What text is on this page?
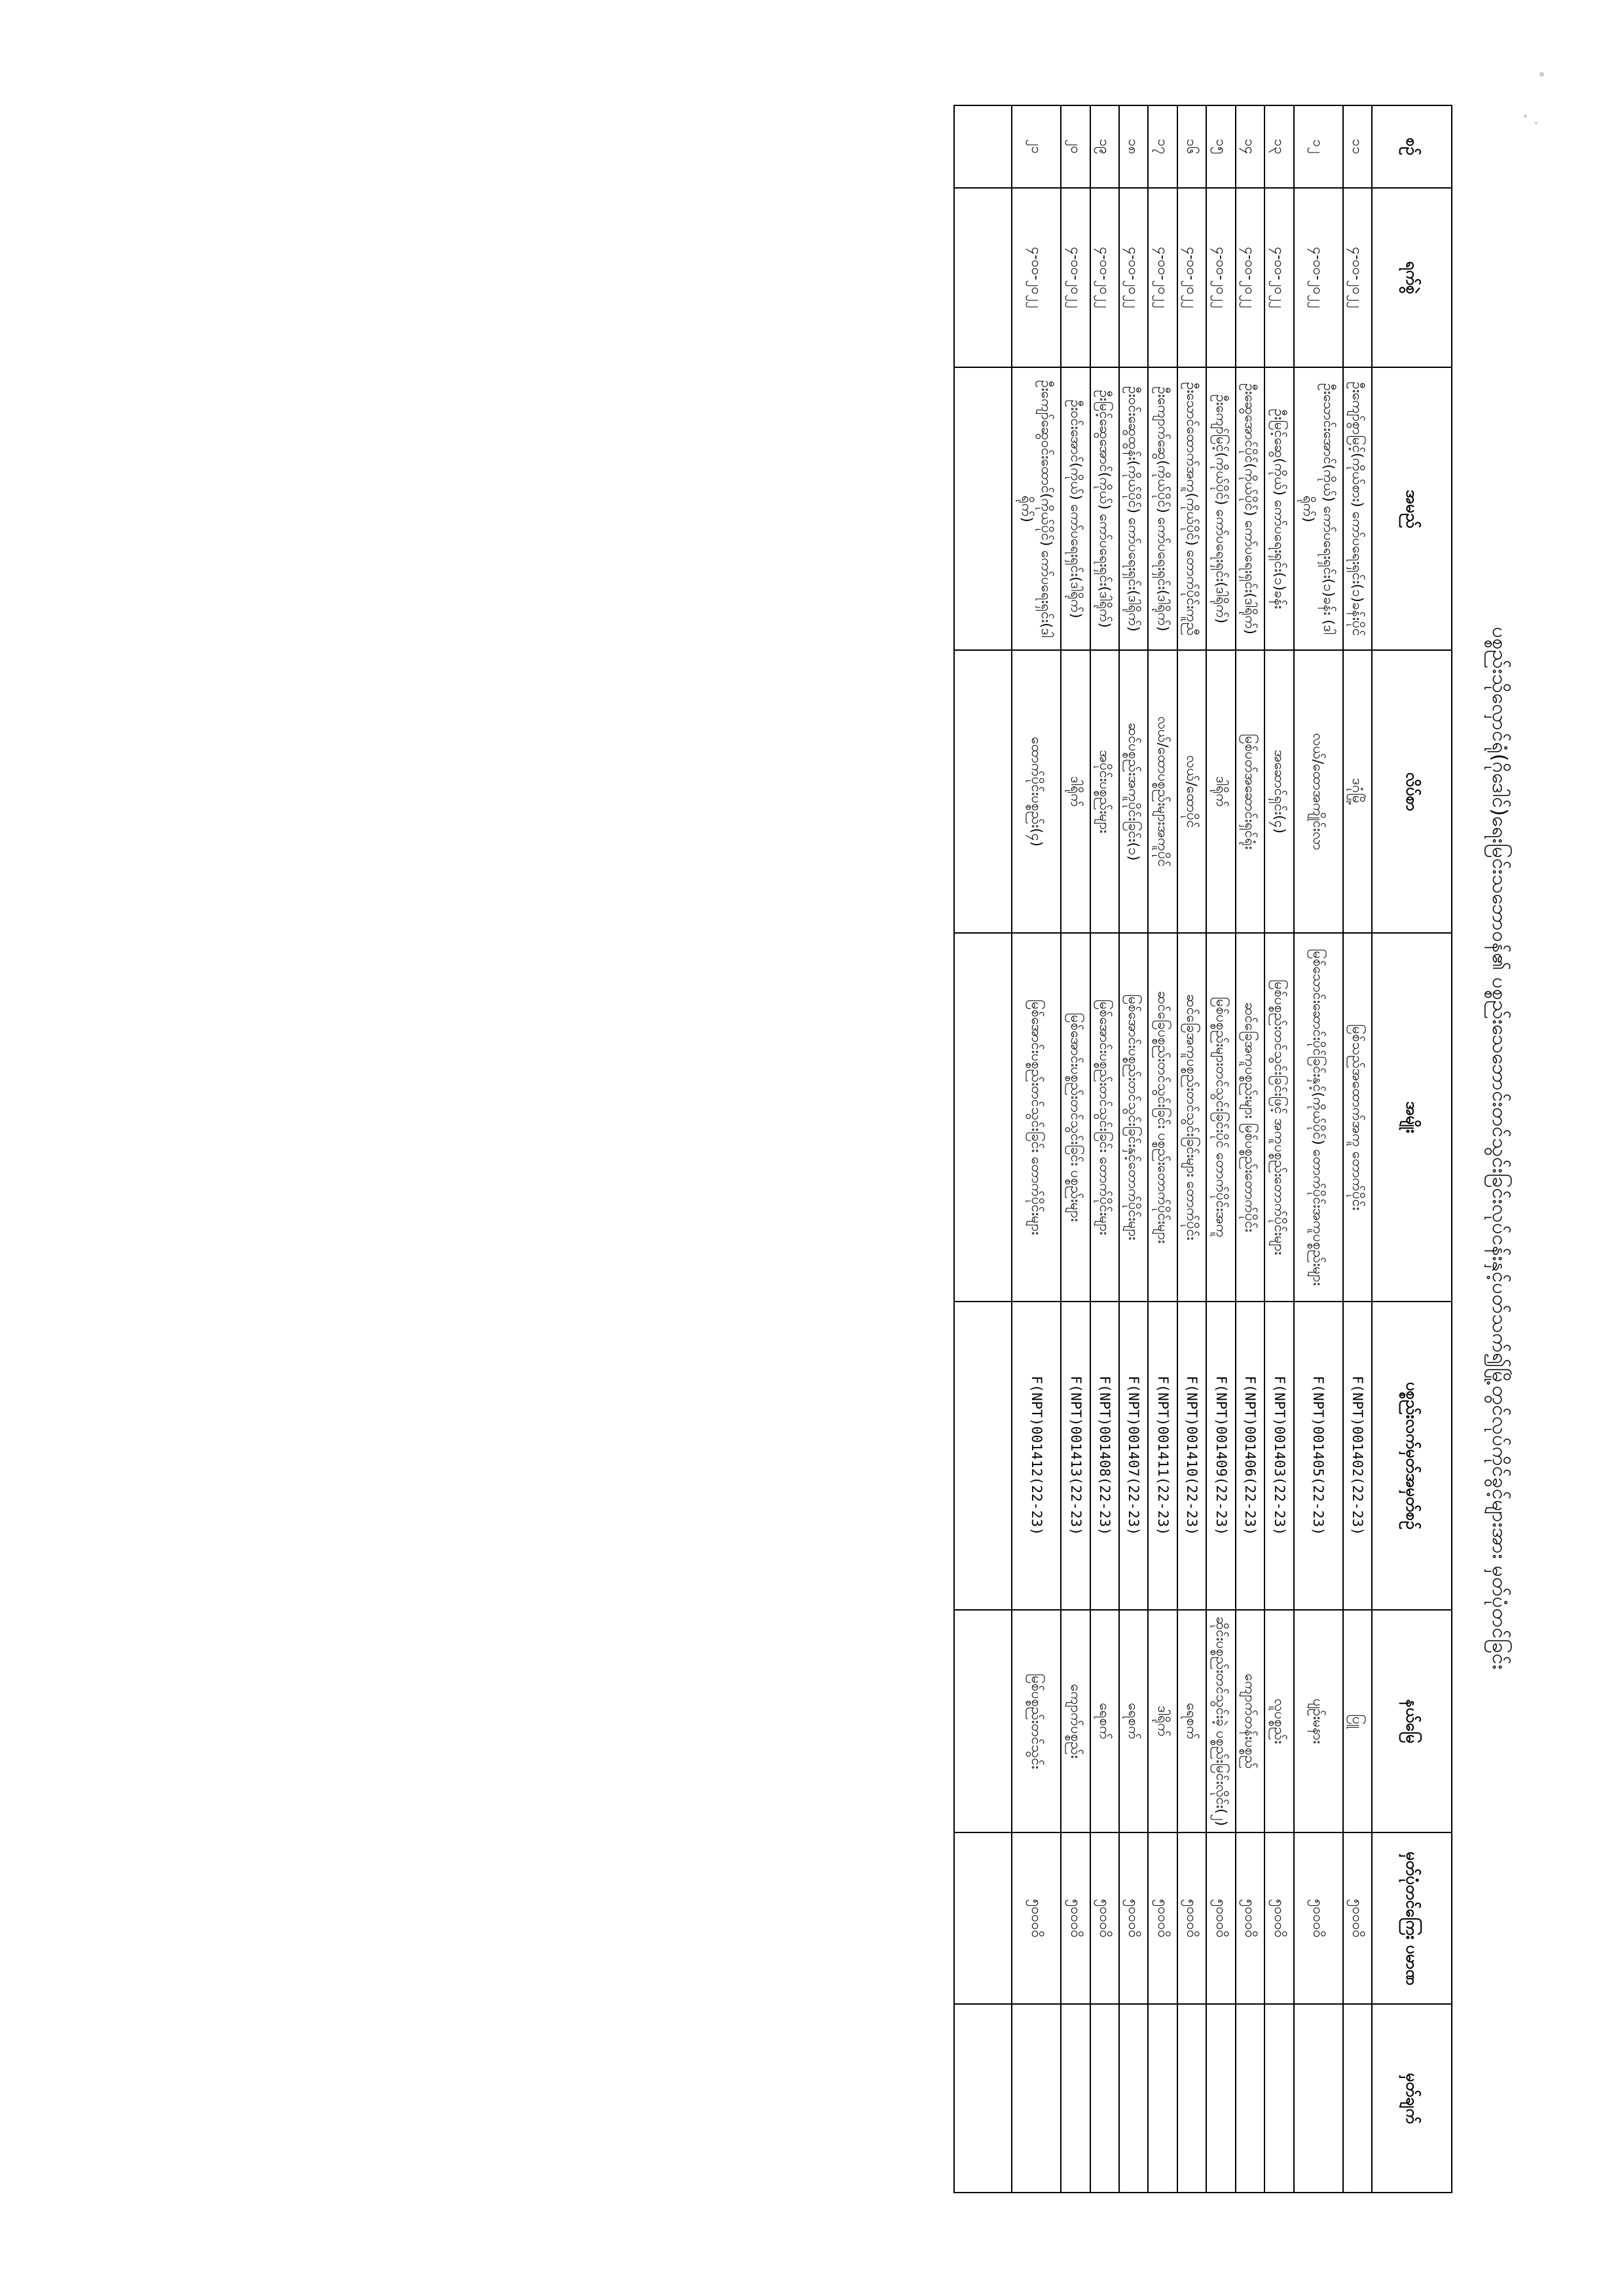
ပစ္စည်းသိုလှောင်ရုံ(ဂိုဒေါင်)ရေးမြင်းသဘောဝန်၏ ပစ္စည်းသေဘောင်းတင်သွင်းခြင်းလုပ်ငန်းနှင့်ပတ်သက်၍မြို့တွင်လုပ်ကိုင်ခွင့်များအား မှတ်ပုံတင်ခြင်း
စဉ်	ရက်စွဲ	အမည်	လိပ်စာ	အမျိုး	ပစ္စည်းလက်မှတ်အမှတ်စဉ်	နယ်မြေ	မှတ်ပုံတင်ကြေး ပမာဏ	မှတ်ချက်
၁၁	၄-၀၀-၂၀၂၂	ဦးကျော်စွာမြင့်(ကိုယ်စား) ကော်ပရေးရှင်း(၁)ခန်းပိုင်	ဒဂုံမြို့	မြစ်သည်အထောက်အကူ တောက်ပိုင်း	F(NPT)001402(22-23)	ပြူ	၅၀၀၀၀ိ	
၁၂	၄-၀၀-၂၀၂၂	ဦးသောင်းအောင်(ကိုယ်) ကော်ပရေးရှင်း(၁)ခန်း (ဒါရိုက်)	လယ်/ထောအကျိုင်းလာ	မြစ်သောင်းဆောင်းပိုင်ခြင်းနှင့်(ကိုယ်ပိုင်) တောက်ပိုင်းအကူပစ္စည်းများ	F(NPT)001405(22-23)	ပျဉ်းမနား	၅၀၀၀၀ိ	
၁၃	၄-၀၀-၂၀၂၂	ဦးမြင့်ဆွေ(ကိုယ်) ကော်ပရေးရှင်း(၁)ခန်း	အဆောင်ရှင်း(၄)	မြစ်ပစ္စည်းတင်သွင်းခြင်းဖြင့် အကူပစ္စည်းတောက်ပိုင်းများ	F(NPT)001403(22-23)	လူပစ္စည်း	၅၀၀၀၀ိ	
၁၄	၄-၀၀-၂၀၂၂	ဦးဆွေအောင်ပိုင်(ကိုယ်ပိုင်) ကော်ပရေးရှင်း(ဒါရိုက်)	မြစ်ပတ်အဆောင်းရှင်ရုံး	ဆင်ခြေအကူပစ္စည်းများ မြစ်ပစ္စည်းတောက်ပိုင်း	F(NPT)001406(22-23)	ကျောက်တန်းပစ္စည်	၅၀၀၀၀ိ	
၁၅	၄-၀၀-၂၀၂၂	ဦးကျော်မြင့်(ကိုယ်ပိုင်) ကော်ပရေးရှင်း(ဒါရိုက်)	ဒါရိုက်	မြစ်ပစ္စည်းများတင်သွင်းခြင်းပိုင် တောက်ပိုင်းအကူ	F(NPT)001409(22-23)	ဆိုင်းပစ္စည်းတင်သွင်းခဲ့ ပစ္စည်းမြင်းလိုင်း(၂)	၅၀၀၀၀ိ	
၁၆	၄-၀၀-၂၀၂၂	ဦးသောင်ထောက်အကူ(ကိုယ်ပိုင်) တောက်ပိုင်းကူညီ	လယ်/ထောပိုင်	ဆင်ခြေအကူပစ္စည်းတင်သွင်းခြင်းများ တောက်ပိုင်း	F(NPT)001410(22-23)	ရေစက်	၅၀၀၀၀ိ	
၁၇	၄-၀၀-၂၀၂၂	ဦးကျောက်ဆွေ(ကိုယ်ပိုင်) ကော်ပရေးရှင်း(ဒါရိုက်)	လယ်/ထောပစ္စည်းများအကူပိုင်	ဆင်ခြေပစ္စည်းတင်သွင်းခြင်း ပစ္စည်းတောက်ပိုင်းများ	F(NPT)001411(22-23)	ဒါရိုက်	၅၀၀၀၀ိ	
၁၈	၄-၀၀-၂၀၂၂	ဦးဝင်းဆွေထွန်း(ကိုယ်ပိုင်) ကော်ပရေးရှင်း(ဒါရိုက်)	ဆင်ပစ္စည်းအကူပိုင်းခြင်း(၁)	မြစ်အောင်းပစ္စည်းတင်သွင်းခြင်းနှင့်တောက်ပိုင်းများ	F(NPT)001407(22-23)	ရေစက်	၅၀၀၀၀ိ	
၁၉	၄-၀၀-၂၀၂၂	ဦးမြင့်ဆွေအောင်(ကိုယ်) ကော်ပရေးရှင်း(ဒါရိုက်)	အပိုင်းပစ္စည်းများ	မြစ်အောင်းပစ္စည်းတင်သွင်းခြင်း တောက်ပိုင်းများ	F(NPT)001408(22-23)	ရေစက်	၅၀၀၀၀ိ	
၂၀	၄-၀၀-၂၀၂၂	ဦးဝင်းအောင်(ကိုယ်) ကော်ပရေးရှင်း(ဒါရိုက်)	ဒါရိုက်	မြစ်အောင်းပစ္စည်းတင်သွင်းခြင်း ပစ္စည်းများ	F(NPT)001413(22-23)	ကျောက်ပစ္စည်း	၅၀၀၀၀ိ	
၂၁	၄-၀၀-၂၀၂၂	ဦးကျော်ဆွေဝင်းထောင်(ကိုယ်ပိုင်) ကော်ပရေးရှင်း(ဒါရိုက်)	ထောက်ပိုင်းပစ္စည်း(၄)	မြစ်အောင်းပစ္စည်းတင်သွင်းခြင်း တောက်ပိုင်းများ	F(NPT)001412(22-23)	မြစ်ပစ္စည်းတင်သွင်း	၅၀၀၀၀ိ	
